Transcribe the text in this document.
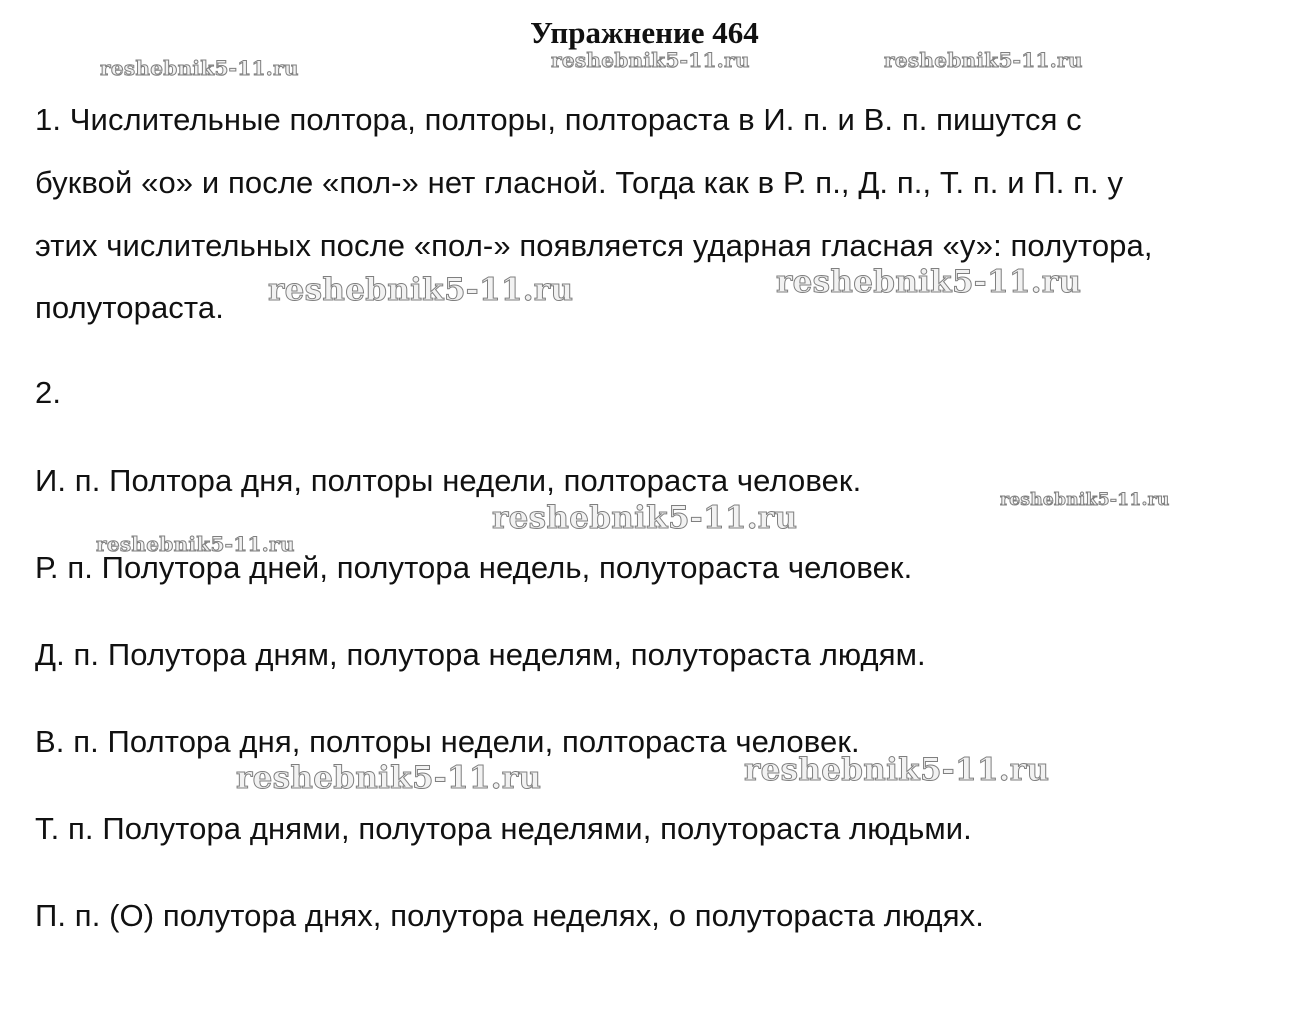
Упражнение 464
1. Числительные полтора, полторы, полтораста в И. п. и В. п. пишутся с
буквой «о» и после «пол-» нет гласной. Тогда как в Р. п., Д. п., Т. п. и П. п. у
этих числительных после «пол-» появляется ударная гласная «у»: полутора,
полутораста.
2.
И. п. Полтора дня, полторы недели, полтораста человек.
Р. п. Полутора дней, полутора недель, полутораста человек.
Д. п. Полутора дням, полутора неделям, полутораста людям.
В. п. Полтора дня, полторы недели, полтораста человек.
Т. п. Полутора днями, полутора неделями, полутораста людьми.
П. п. (О) полутора днях, полутора неделях, о полутораста людях.
reshebnik5-11.ru	reshebnik5-11.ru	reshebnik5-11.ru
reshebnik5-11.ru	reshebnik5-11.ru
reshebnik5-11.ru
reshebnik5-11.ru
reshebnik5-11.ru
reshebnik5-11.ru	reshebnik5-11.ru
